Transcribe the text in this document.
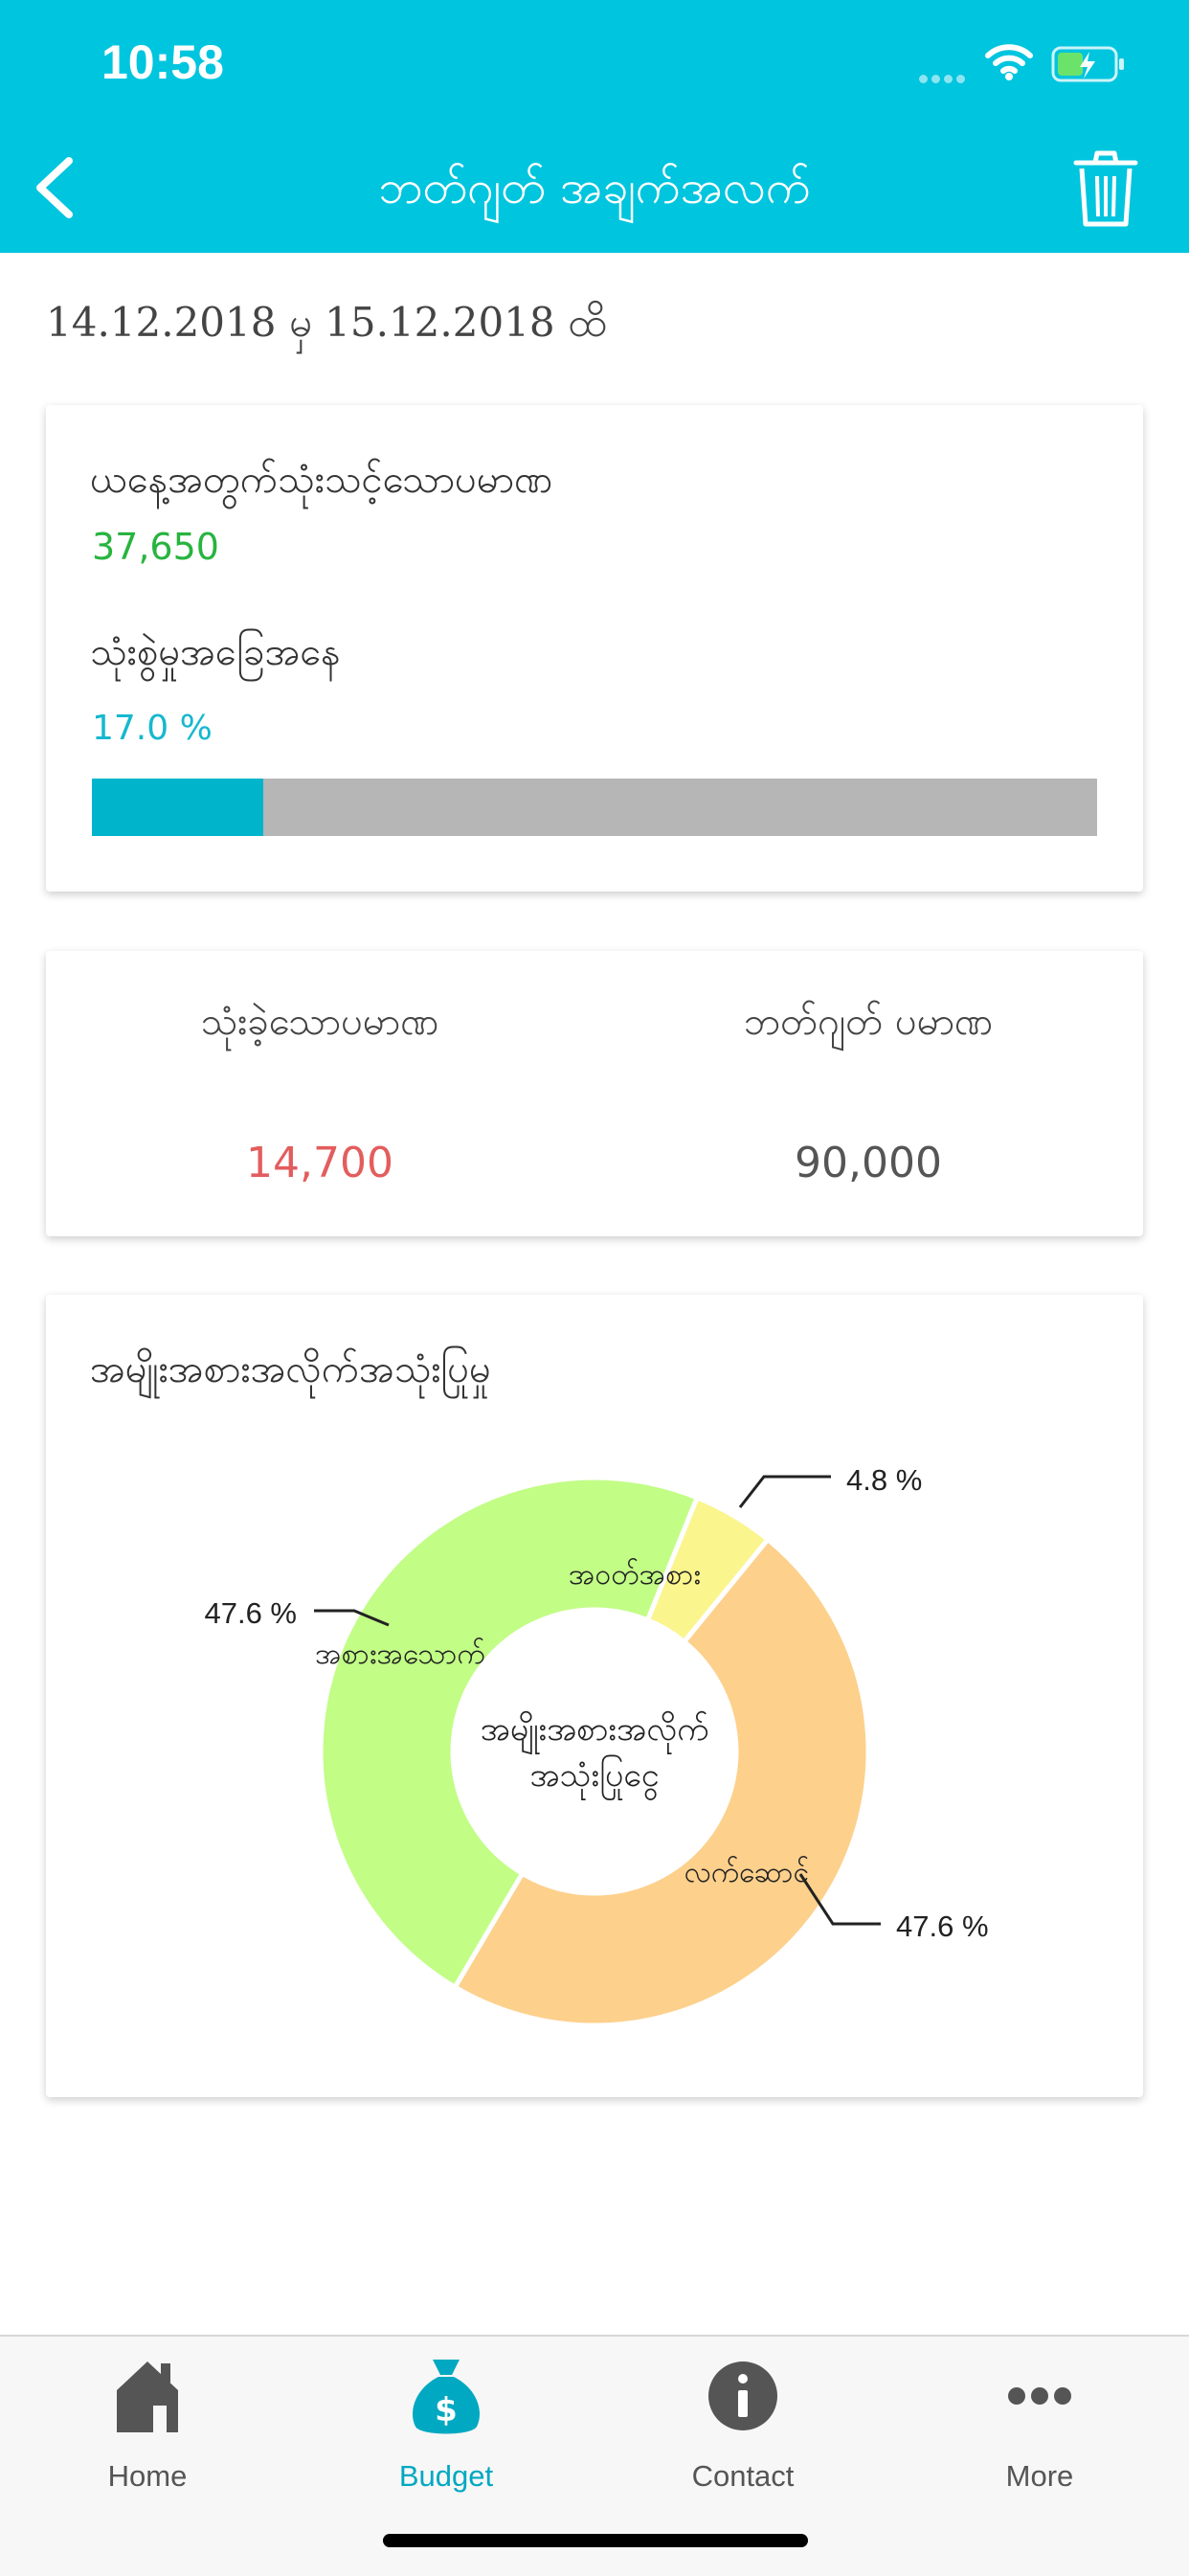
10:58
ဘတ်ဂျတ် အချက်အလက်
14.12.2018 မှ 15.12.2018 ထိ
ယနေ့အတွက်သုံးသင့်သောပမာဏ
37,650
သုံးစွဲမှုအခြေအနေ
17.0 %
သုံးခဲ့သောပမာဏ	ဘတ်ဂျတ် ပမာဏ
14,700	90,000
အမျိုးအစားအလိုက်အသုံးပြုမှု
အမျိုးအစားအလိုက်
အသုံးပြုငွေ
အဝတ်အစား
4.8 %
လက်ဆောင်
47.6 %
အစားအသောက်
47.6 %
Home
$
Budget	Contact	More
